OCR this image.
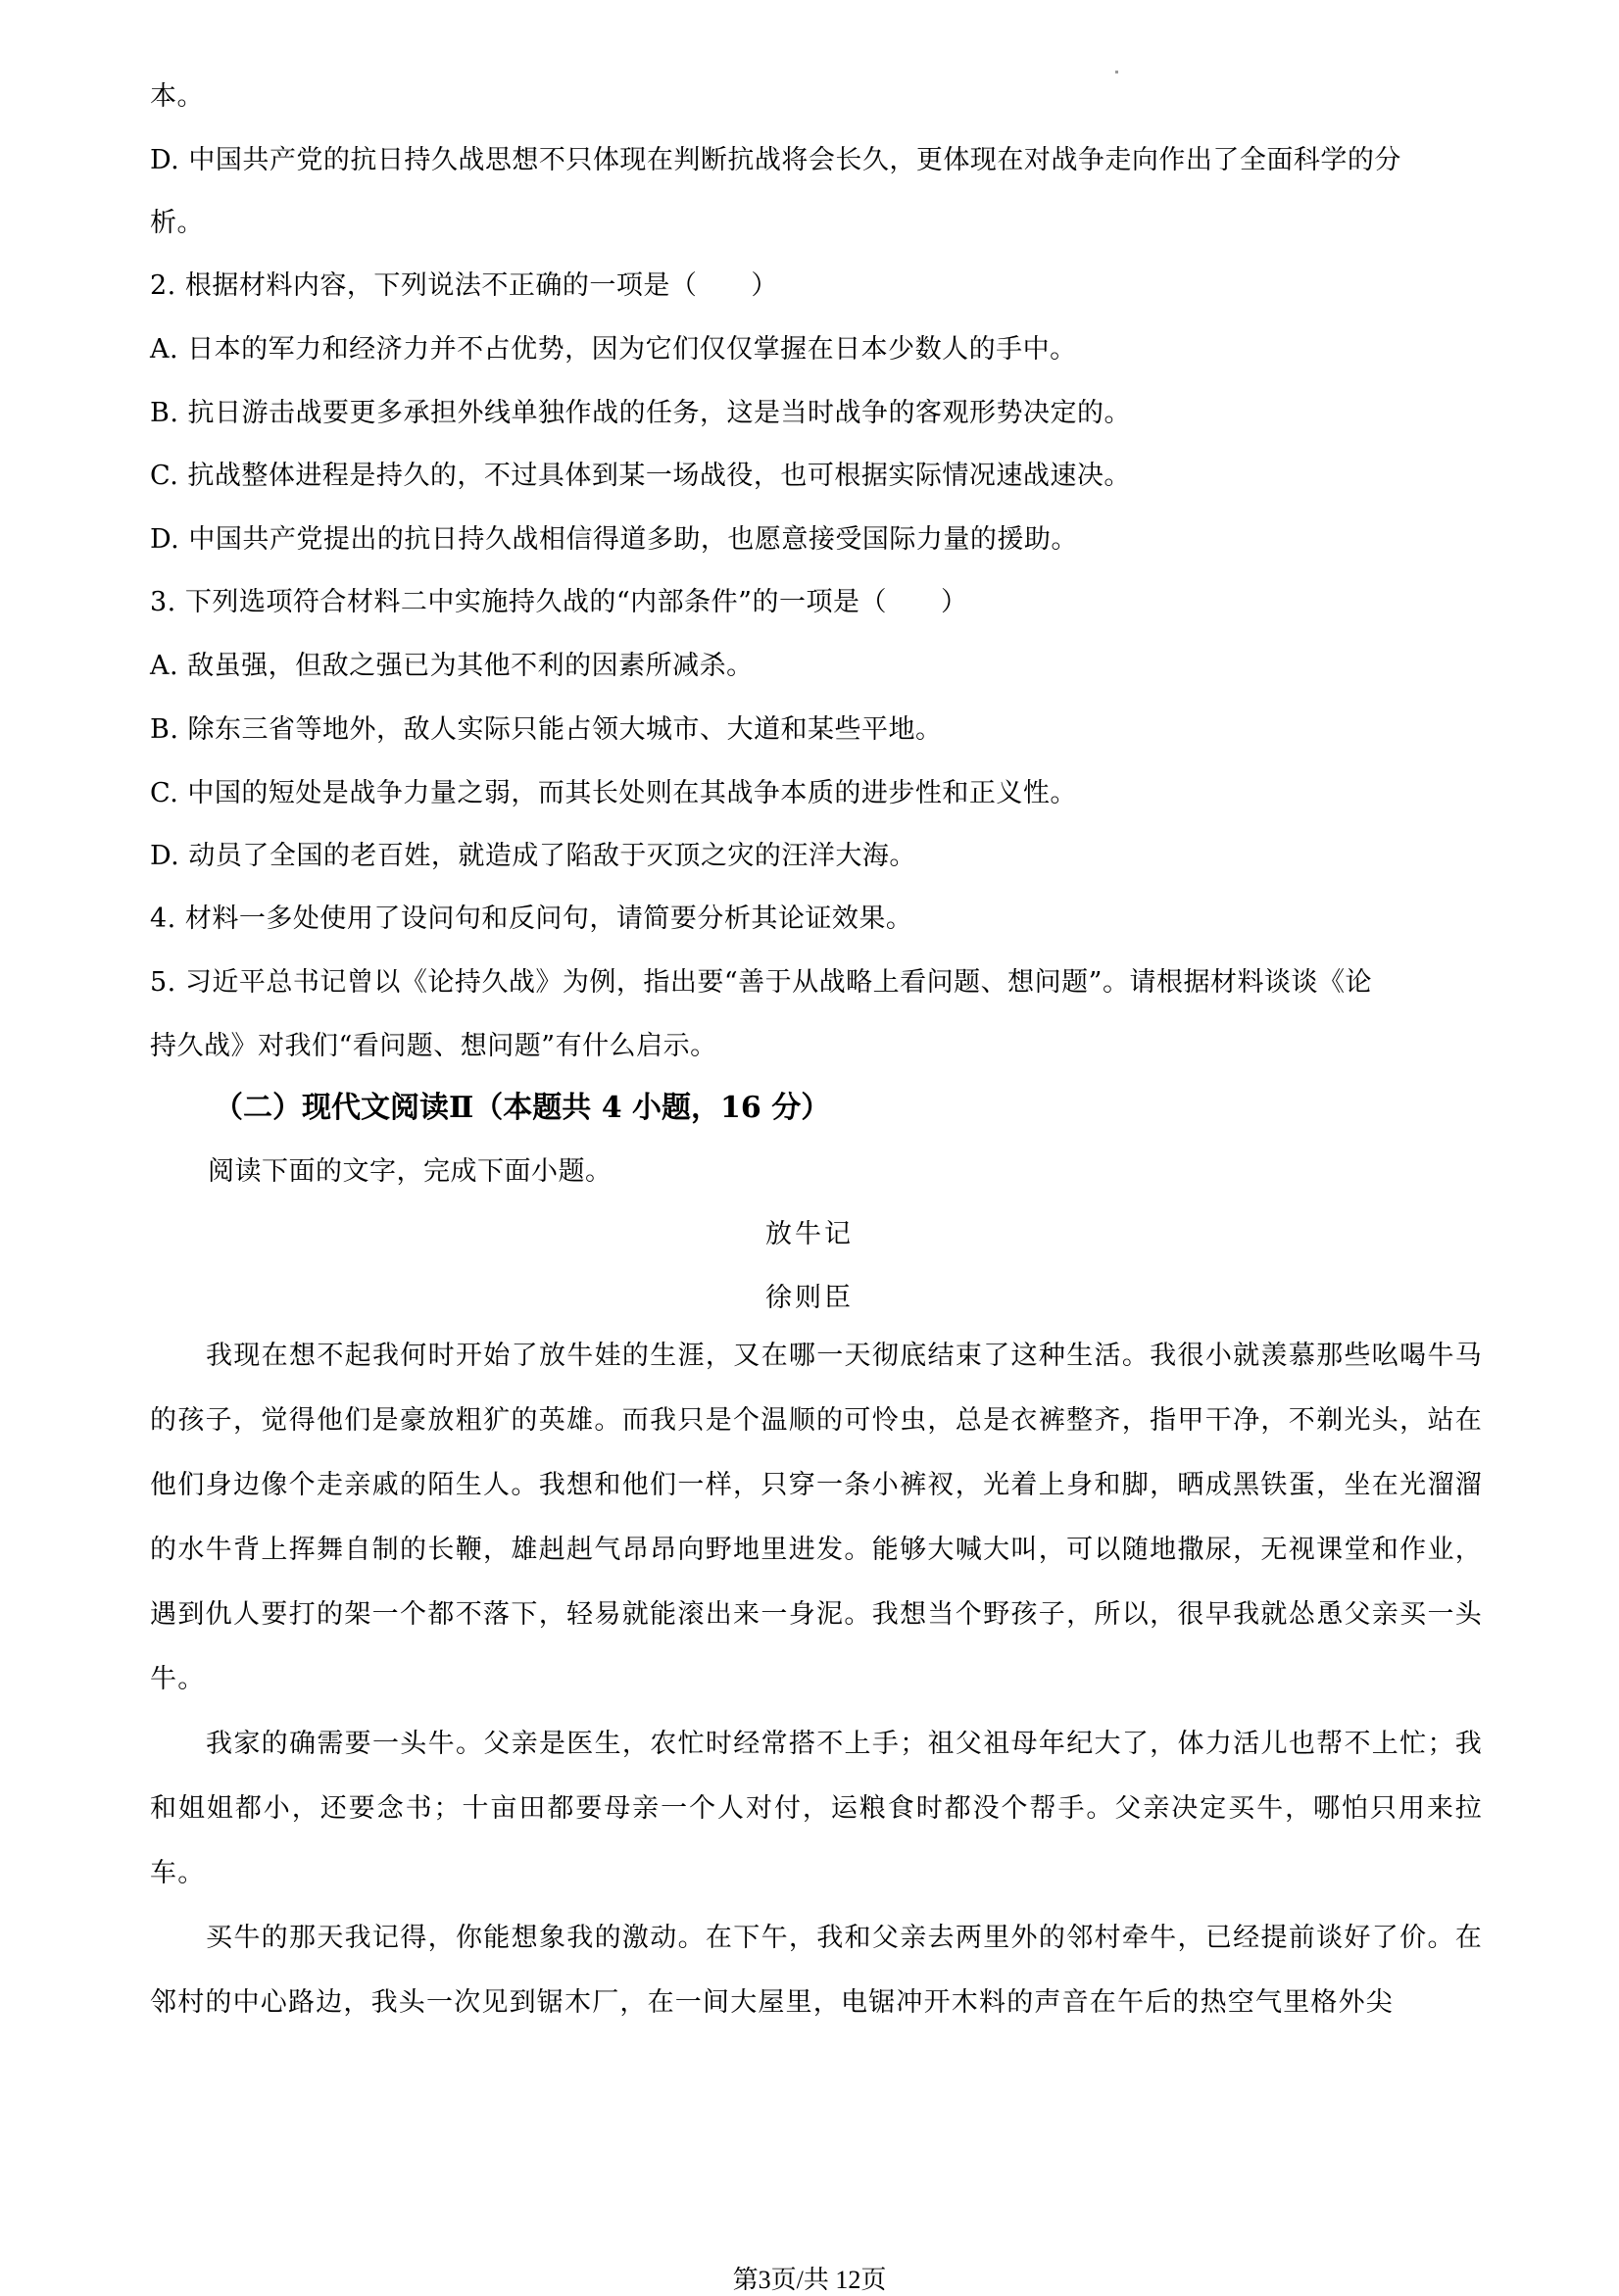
本。
D. 中国共产党的抗日持久战思想不只体现在判断抗战将会长久，更体现在对战争走向作出了全面科学的分
析。
2. 根据材料内容，下列说法不正确的一项是（　　）
A. 日本的军力和经济力并不占优势，因为它们仅仅掌握在日本少数人的手中。
B. 抗日游击战要更多承担外线单独作战的任务，这是当时战争的客观形势决定的。
C. 抗战整体进程是持久的，不过具体到某一场战役，也可根据实际情况速战速决。
D. 中国共产党提出的抗日持久战相信得道多助，也愿意接受国际力量的援助。
3. 下列选项符合材料二中实施持久战的“内部条件”的一项是（　　）
A. 敌虽强，但敌之强已为其他不利的因素所减杀。
B. 除东三省等地外，敌人实际只能占领大城市、大道和某些平地。
C. 中国的短处是战争力量之弱，而其长处则在其战争本质的进步性和正义性。
D. 动员了全国的老百姓，就造成了陷敌于灭顶之灾的汪洋大海。
4. 材料一多处使用了设问句和反问句，请简要分析其论证效果。
5. 习近平总书记曾以《论持久战》为例，指出要“善于从战略上看问题、想问题”。请根据材料谈谈《论
持久战》对我们“看问题、想问题”有什么启示。
（二）现代文阅读Ⅱ（本题共 4 小题，16 分）
阅读下面的文字，完成下面小题。
放牛记
徐则臣

我现在想不起我何时开始了放牛娃的生涯，又在哪一天彻底结束了这种生活。我很小就羡慕那些吆喝牛马的孩子，觉得他们是豪放粗犷的英雄。而我只是个温顺的可怜虫，总是衣裤整齐，指甲干净，不剃光头，站在他们身边像个走亲戚的陌生人。我想和他们一样，只穿一条小裤衩，光着上身和脚，晒成黑铁蛋，坐在光溜溜的水牛背上挥舞自制的长鞭，雄赳赳气昂昂向野地里进发。能够大喊大叫，可以随地撒尿，无视课堂和作业，遇到仇人要打的架一个都不落下，轻易就能滚出来一身泥。我想当个野孩子，所以，很早我就怂恿父亲买一头牛。

我家的确需要一头牛。父亲是医生，农忙时经常搭不上手；祖父祖母年纪大了，体力活儿也帮不上忙；我和姐姐都小，还要念书；十亩田都要母亲一个人对付，运粮食时都没个帮手。父亲决定买牛，哪怕只用来拉车。

买牛的那天我记得，你能想象我的激动。在下午，我和父亲去两里外的邻村牵牛，已经提前谈好了价。在邻村的中心路边，我头一次见到锯木厂，在一间大屋里，电锯冲开木料的声音在午后的热空气里格外尖

第3页/共 12页
